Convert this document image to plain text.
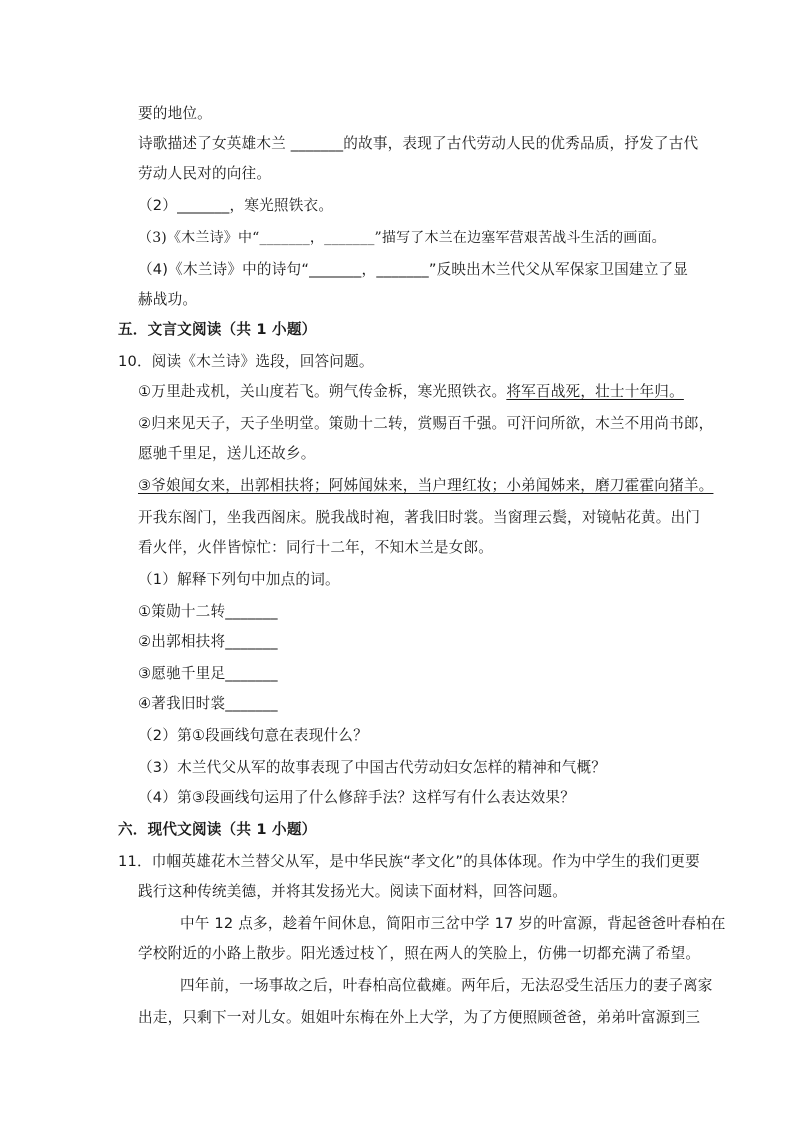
要的地位。

诗歌描述了女英雄木兰 _______的故事，表现了古代劳动人民的优秀品质，抒发了古代

劳动人民对的向往。

（2）_______，寒光照铁衣。

（3)《木兰诗》中“_______，_______”描写了木兰在边塞军营艰苦战斗生活的画面。

（4)《木兰诗》中的诗句“_______，_______”反映出木兰代父从军保家卫国建立了显

赫战功。

五．文言文阅读（共 1 小题）

10．阅读《木兰诗》选段，回答问题。

①万里赴戎机，关山度若飞。朔气传金柝，寒光照铁衣。将军百战死，壮士十年归。

②归来见天子，天子坐明堂。策勋十二转，赏赐百千强。可汗问所欲，木兰不用尚书郎，

愿驰千里足，送儿还故乡。

③爷娘闻女来，出郭相扶将；阿姊闻妹来，当户理红妆；小弟闻姊来，磨刀霍霍向猪羊。

开我东阁门，坐我西阁床。脱我战时袍，著我旧时裳。当窗理云鬓，对镜帖花黄。出门

看火伴，火伴皆惊忙：同行十二年，不知木兰是女郎。

（1）解释下列句中加点的词。

①策勋十二转_______

②出郭相扶将_______

③愿驰千里足_______

④著我旧时裳_______

（2）第①段画线句意在表现什么？

（3）木兰代父从军的故事表现了中国古代劳动妇女怎样的精神和气概？

（4）第③段画线句运用了什么修辞手法？这样写有什么表达效果？

六．现代文阅读（共 1 小题）

11．巾帼英雄花木兰替父从军，是中华民族“孝文化”的具体体现。作为中学生的我们更要

践行这种传统美德，并将其发扬光大。阅读下面材料，回答问题。

中午 12 点多，趁着午间休息，简阳市三岔中学 17 岁的叶富源，背起爸爸叶春柏在

学校附近的小路上散步。阳光透过枝丫，照在两人的笑脸上，仿佛一切都充满了希望。

四年前，一场事故之后，叶春柏高位截瘫。两年后，无法忍受生活压力的妻子离家

出走，只剩下一对儿女。姐姐叶东梅在外上大学，为了方便照顾爸爸，弟弟叶富源到三
